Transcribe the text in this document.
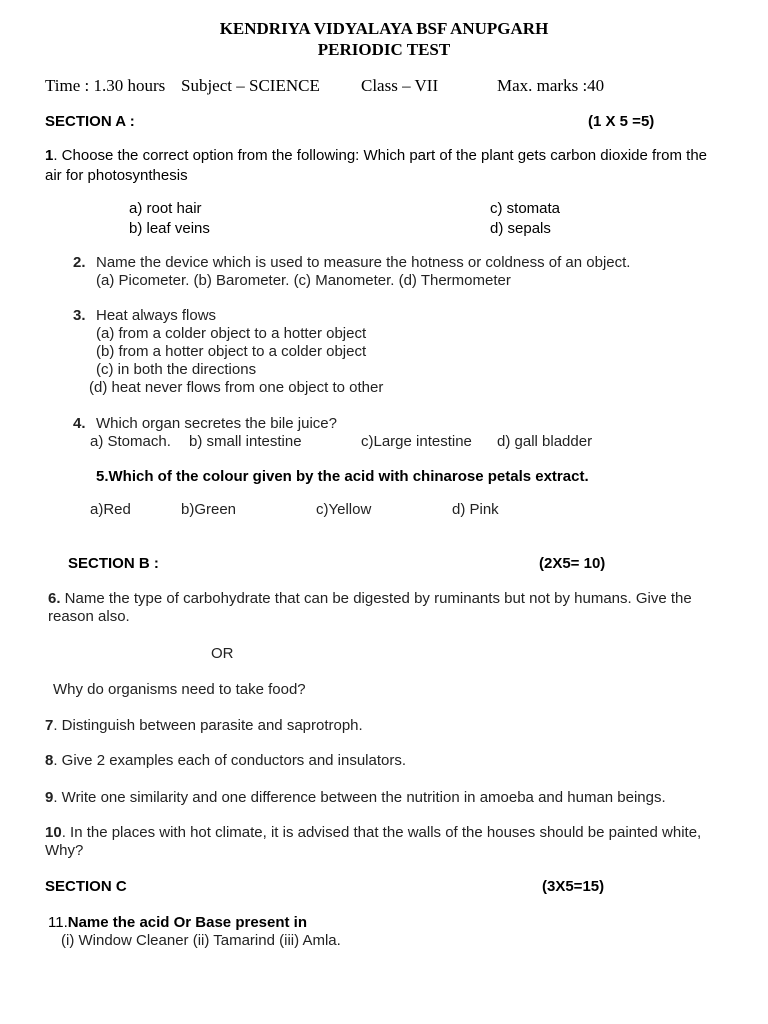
KENDRIYA VIDYALAYA BSF ANUPGARH
PERIODIC TEST
Time : 1.30 hours Subject – SCIENCE Class – VII	Max. marks :40
SECTION A :	(1 X 5 =5)
1. Choose the correct option from the following: Which part of the plant gets carbon dioxide from the air for photosynthesis
a) root hair
b) leaf veins
c) stomata
d) sepals
2. Name the device which is used to measure the hotness or coldness of an object.
(a) Picometer. (b) Barometer. (c) Manometer. (d) Thermometer
3. Heat always flows
(a) from a colder object to a hotter object
(b) from a hotter object to a colder object
(c) in both the directions
(d) heat never flows from one object to other
4. Which organ secretes the bile juice?
a) Stomach. b) small intestine	c)Large intestine d) gall bladder
5.Which of the colour given by the acid with chinarose petals extract.
a)Red	b)Green	c)Yellow	d) Pink
SECTION B :	(2X5= 10)
6. Name the type of carbohydrate that can be digested by ruminants but not by humans. Give the reason also.
OR
Why do organisms need to take food?
7. Distinguish between parasite and saprotroph.
8. Give 2 examples each of conductors and insulators.
9. Write one similarity and one difference between the nutrition in amoeba and human beings.
10. In the places with hot climate, it is advised that the walls of the houses should be painted white, Why?
SECTION C	(3X5=15)
11.Name the acid Or Base present in
(i) Window Cleaner (ii) Tamarind (iii) Amla.
